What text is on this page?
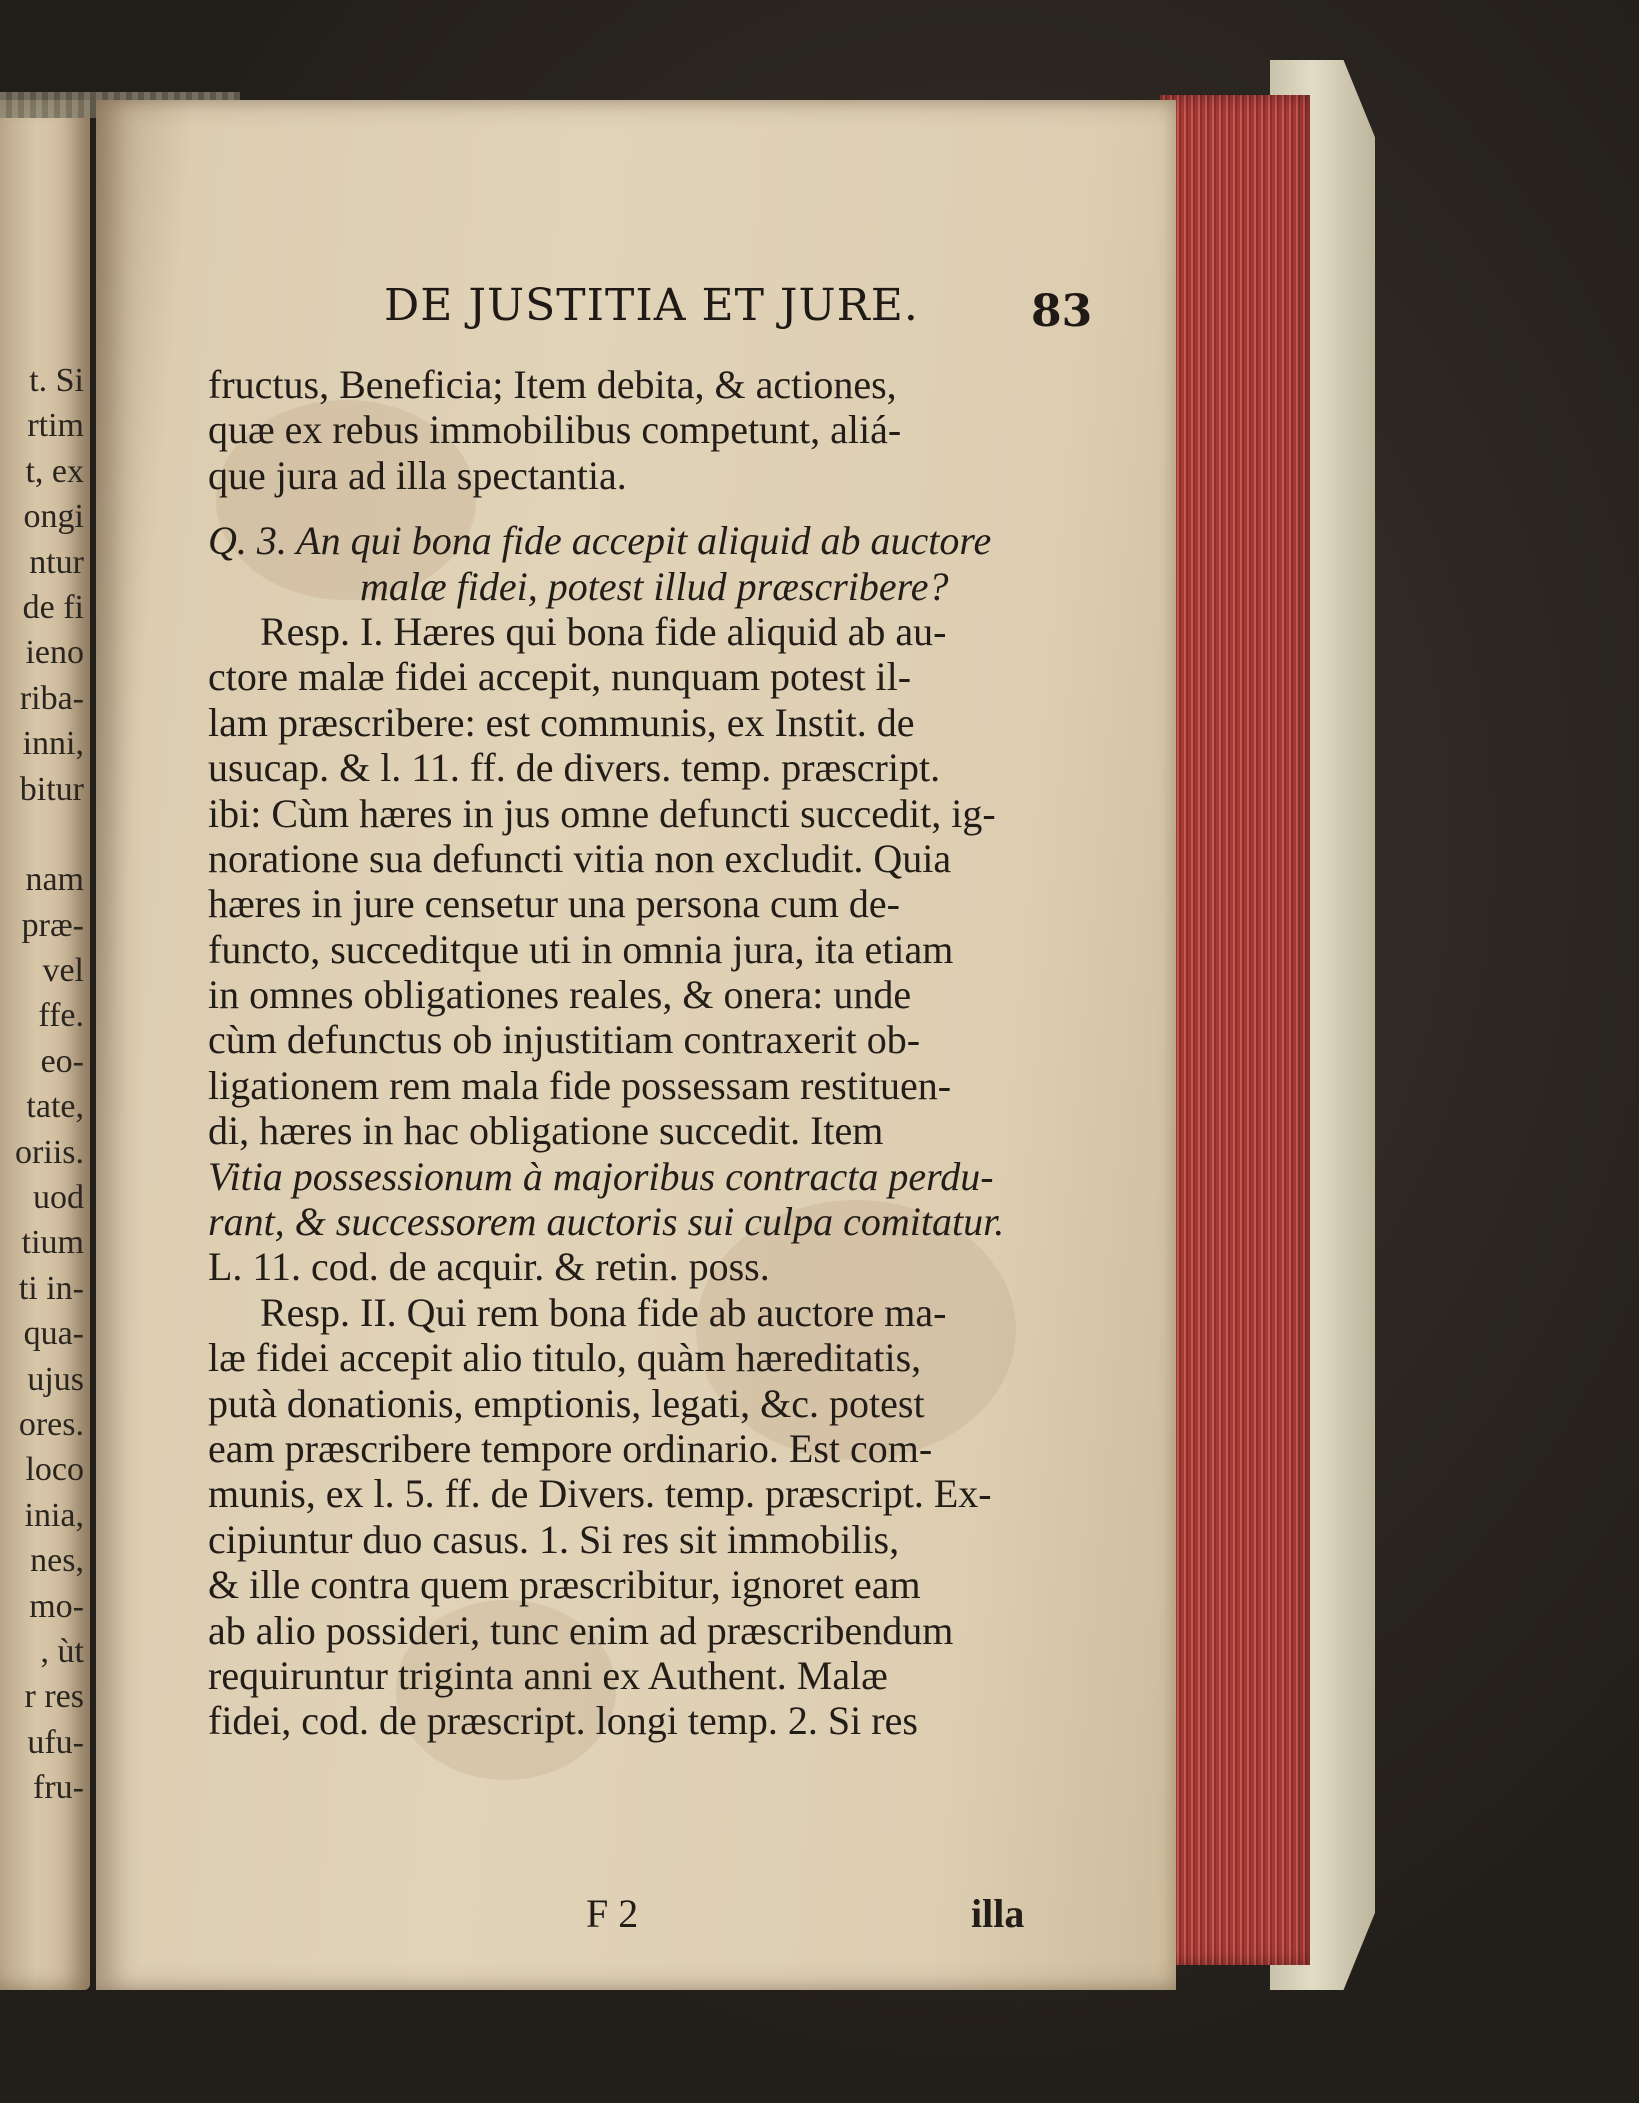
t. Si
rtim
t, ex
ongi
ntur
de fi
ieno
riba-
inni,
bitur
nam
præ-
vel
ffe.
eo-
tate,
oriis.
uod
tium
ti in-
qua-
ujus
ores.
loco
inia,
nes,
mo-
, ùt
r res
ufu-
fru-
DE JUSTITIA ET JURE.	83
fructus, Beneficia; Item debita, & actiones,
quæ ex rebus immobilibus competunt, aliá-
que jura ad illa spectantia.
Q. 3. An qui bona fide accepit aliquid ab auctore
malæ fidei, potest illud præscribere?
Resp. I. Hæres qui bona fide aliquid ab au-
ctore malæ fidei accepit, nunquam potest il-
lam præscribere: est communis, ex Instit. de
usucap. & l. 11. ff. de divers. temp. præscript.
ibi: Cùm hæres in jus omne defuncti succedit, ig-
noratione sua defuncti vitia non excludit. Quia
hæres in jure censetur una persona cum de-
functo, succeditque uti in omnia jura, ita etiam
in omnes obligationes reales, & onera: unde
cùm defunctus ob injustitiam contraxerit ob-
ligationem rem mala fide possessam restituen-
di, hæres in hac obligatione succedit. Item
Vitia possessionum à majoribus contracta perdu-
rant, & successorem auctoris sui culpa comitatur.
L. 11. cod. de acquir. & retin. poss.
Resp. II. Qui rem bona fide ab auctore ma-
læ fidei accepit alio titulo, quàm hæreditatis,
putà donationis, emptionis, legati, &c. potest
eam præscribere tempore ordinario. Est com-
munis, ex l. 5. ff. de Divers. temp. præscript. Ex-
cipiuntur duo casus. 1. Si res sit immobilis,
& ille contra quem præscribitur, ignoret eam
ab alio possideri, tunc enim ad præscribendum
requiruntur triginta anni ex Authent. Malæ
fidei, cod. de præscript. longi temp. 2. Si res
F 2	illa
